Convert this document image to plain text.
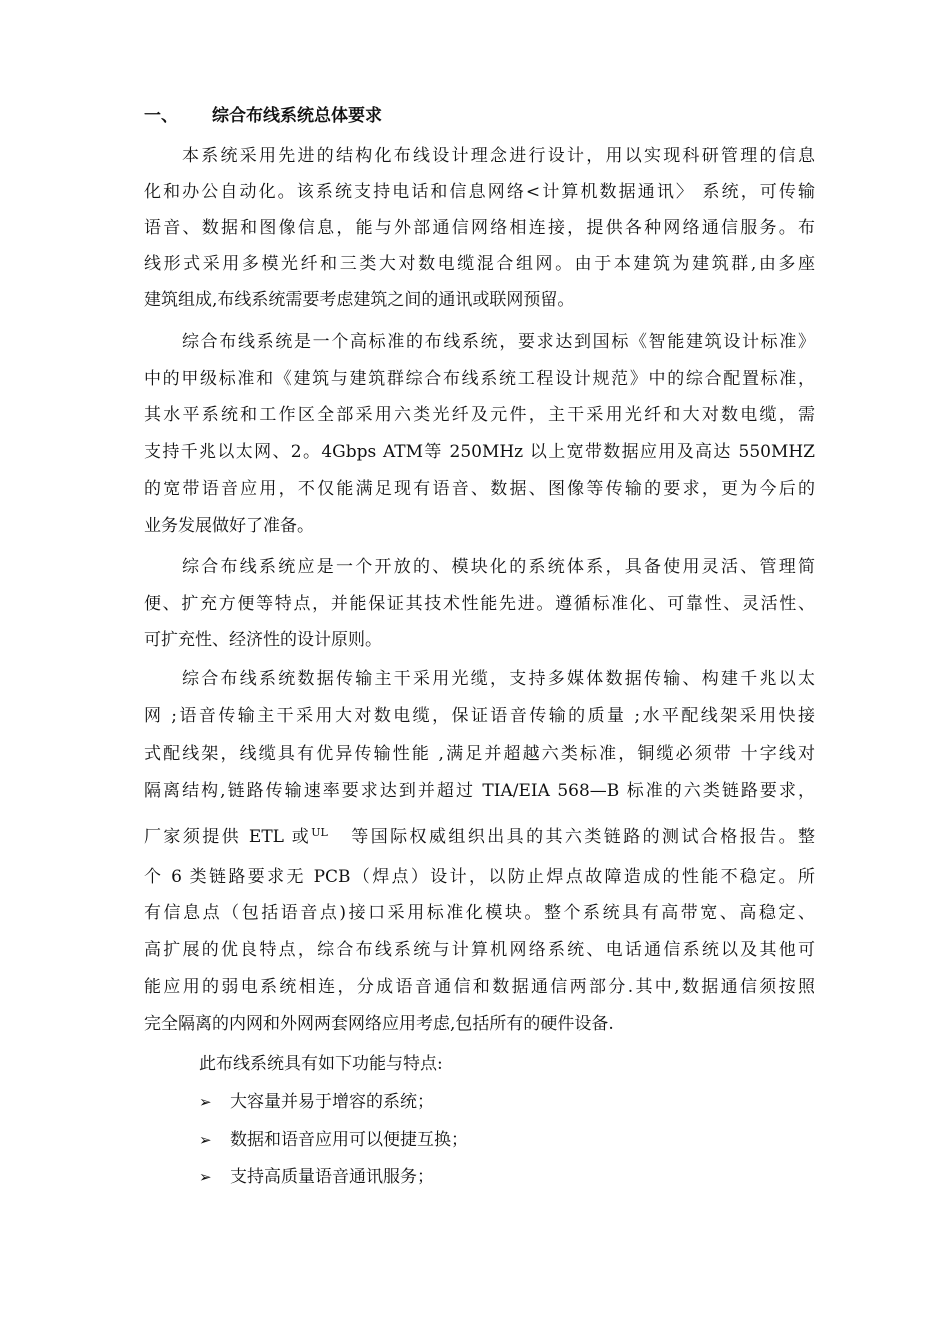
一、 综合布线系统总体要求
本系统采用先进的结构化布线设计理念进行设计，用以实现科研管理的信息
化和办公自动化。该系统支持电话和信息网络<计算机数据通讯〉 系统，可传输
语音、数据和图像信息，能与外部通信网络相连接，提供各种网络通信服务。布
线形式采用多模光纤和三类大对数电缆混合组网。由于本建筑为建筑群,由多座
建筑组成,布线系统需要考虑建筑之间的通讯或联网预留。
综合布线系统是一个高标准的布线系统，要求达到国标《智能建筑设计标准》
中的甲级标准和《建筑与建筑群综合布线系统工程设计规范》中的综合配置标准，
其水平系统和工作区全部采用六类光纤及元件，主干采用光纤和大对数电缆，需
支持千兆以太网、2。4Gbps ATM等 250MHz 以上宽带数据应用及高达 550MHZ
的宽带语音应用，不仅能满足现有语音、数据、图像等传输的要求，更为今后的
业务发展做好了准备。
综合布线系统应是一个开放的、模块化的系统体系，具备使用灵活、管理简
便、扩充方便等特点，并能保证其技术性能先进。遵循标准化、可靠性、灵活性、
可扩充性、经济性的设计原则。
综合布线系统数据传输主干采用光缆，支持多媒体数据传输、构建千兆以太
网 ;语音传输主干采用大对数电缆，保证语音传输的质量 ;水平配线架采用快接
式配线架，线缆具有优异传输性能 ,满足并超越六类标准，铜缆必须带 十字线对
隔离结构,链路传输速率要求达到并超过 TIA/EIA 568—B 标准的六类链路要求，
厂家须提供 ETL 或$^{UL}$ 等国际权威组织出具的其六类链路的测试合格报告。整
个 6 类链路要求无 PCB（焊点）设计，以防止焊点故障造成的性能不稳定。所
有信息点（包括语音点)接口采用标准化模块。整个系统具有高带宽、高稳定、
高扩展的优良特点，综合布线系统与计算机网络系统、电话通信系统以及其他可
能应用的弱电系统相连，分成语音通信和数据通信两部分.其中,数据通信须按照
完全隔离的内网和外网两套网络应用考虑,包括所有的硬件设备.
此布线系统具有如下功能与特点:
➢ 大容量并易于增容的系统；
➢ 数据和语音应用可以便捷互换；
➢ 支持高质量语音通讯服务；
